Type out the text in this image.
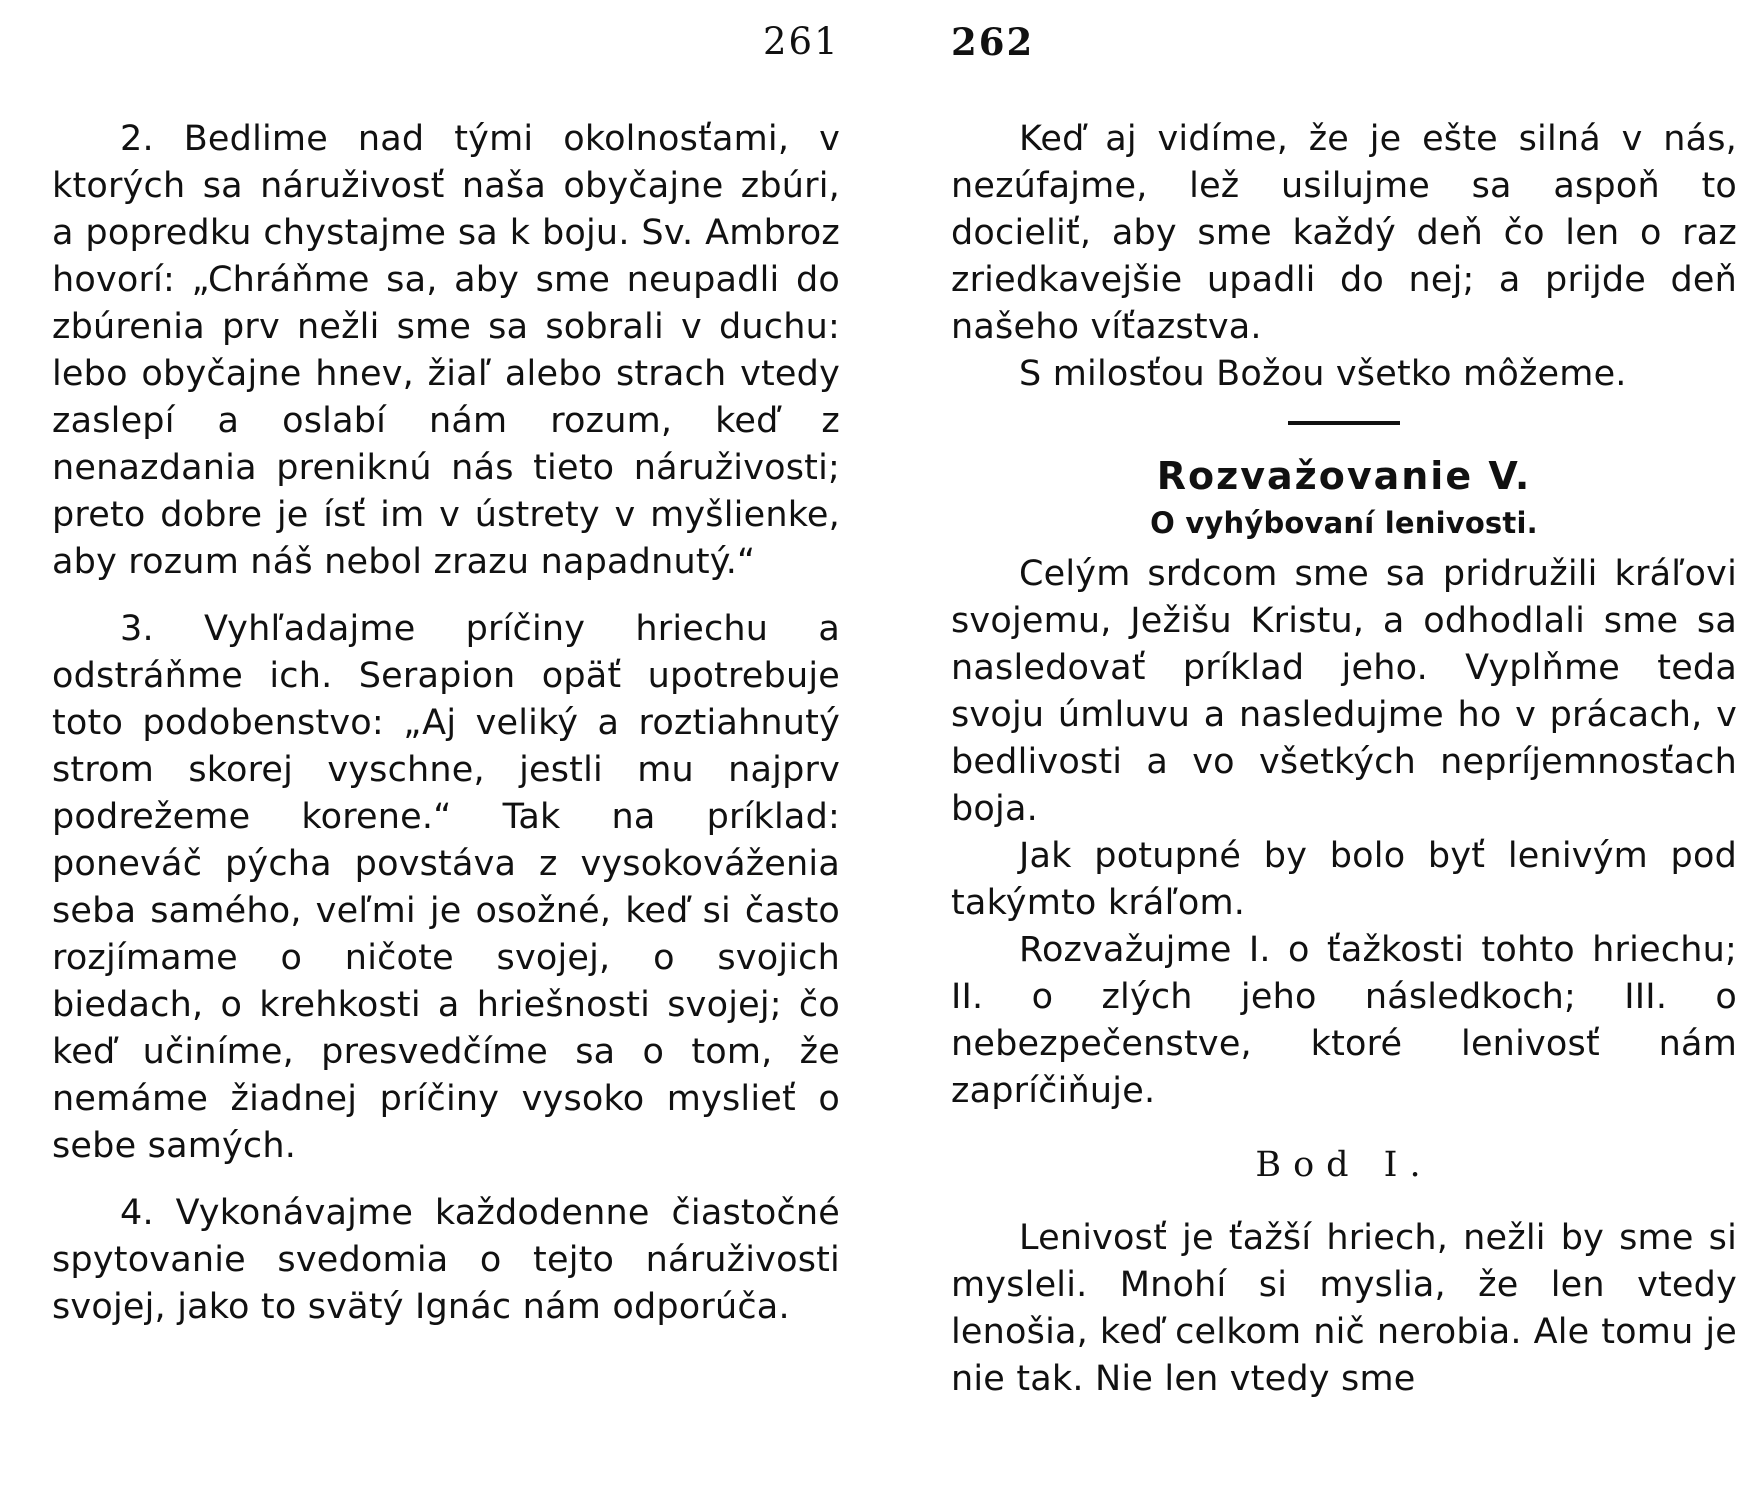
261

2. Bedlime nad tými okolnosťami, v ktorých sa náruživosť naša obyčajne zbúri, a popredku chystajme sa k boju. Sv. Ambroz hovorí: „Chráňme sa, aby sme neupadli do zbúrenia prv nežli sme sa sobrali v duchu: lebo obyčajne hnev, žiaľ alebo strach vtedy zaslepí a oslabí nám rozum, keď z nenazdania preniknú nás tieto náruživosti; preto dobre je ísť im v ústrety v myšlienke, aby rozum náš nebol zrazu napadnutý.“

3. Vyhľadajme príčiny hriechu a odstráňme ich. Serapion opäť upotrebuje toto podobenstvo: „Aj veliký a roztiahnutý strom skorej vyschne, jestli mu najprv podrežeme korene.“ Tak na príklad: poneváč pýcha povstáva z vysokováženia seba samého, veľmi je osožné, keď si často rozjímame o ničote svojej, o svojich biedach, o krehkosti a hriešnosti svojej; čo keď učiníme, presvedčíme sa o tom, že nemáme žiadnej príčiny vysoko myslieť o sebe samých.

4. Vykonávajme každodenne čiastočné spytovanie svedomia o tejto náruživosti svojej, jako to svätý Ignác nám odporúča.

262

Keď aj vidíme, že je ešte silná v nás, nezúfajme, lež usilujme sa aspoň to docieliť, aby sme každý deň čo len o raz zriedkavejšie upadli do nej; a prijde deň našeho víťazstva.

S milosťou Božou všetko môžeme.

Rozvažovanie V.
O vyhýbovaní lenivosti.

Celým srdcom sme sa pridružili kráľovi svojemu, Ježišu Kristu, a odhodlali sme sa nasledovať príklad jeho. Vyplňme teda svoju úmluvu a nasledujme ho v prácach, v bedlivosti a vo všetkých nepríjemnosťach boja.

Jak potupné by bolo byť lenivým pod takýmto kráľom.

Rozvažujme I. o ťažkosti tohto hriechu; II. o zlých jeho následkoch; III. o nebezpečenstve, ktoré lenivosť nám zapríčiňuje.

Bod I.

Lenivosť je ťažší hriech, nežli by sme si mysleli. Mnohí si myslia, že len vtedy lenošia, keď celkom nič nerobia. Ale tomu je nie tak. Nie len vtedy sme
